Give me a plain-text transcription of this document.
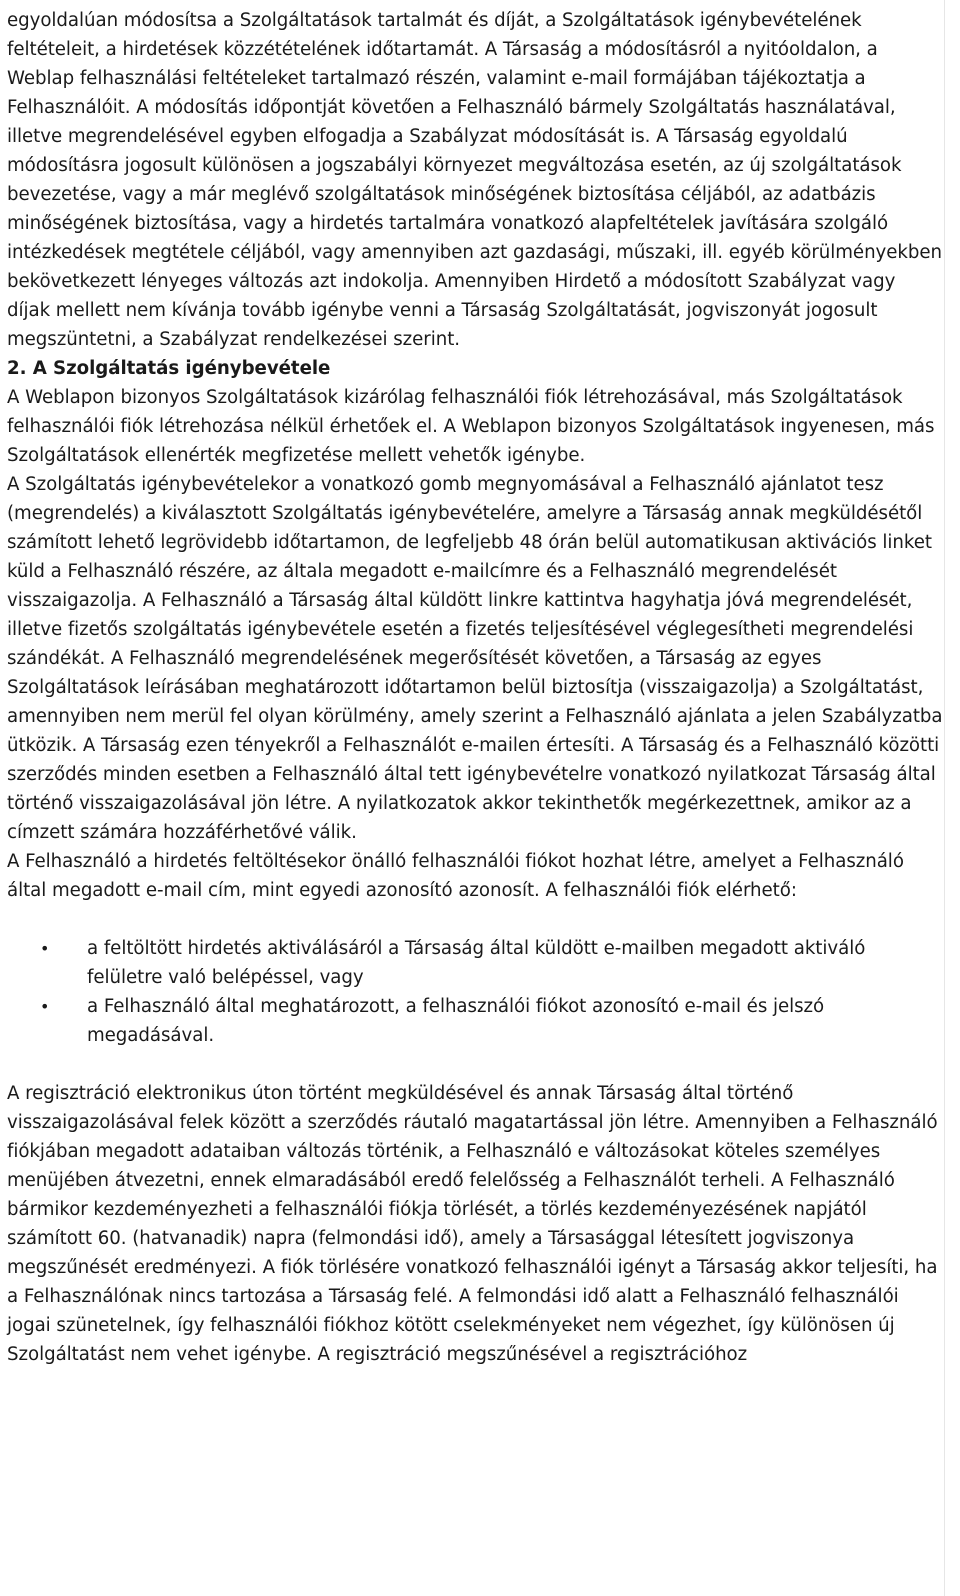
egyoldalúan módosítsa a Szolgáltatások tartalmát és díját, a Szolgáltatások igénybevételének feltételeit, a hirdetések közzétételének időtartamát. A Társaság a módosításról a nyitóoldalon, a Weblap felhasználási feltételeket tartalmazó részén, valamint e-mail formájában tájékoztatja a Felhasználóit. A módosítás időpontját követően a Felhasználó bármely Szolgáltatás használatával, illetve megrendelésével egyben elfogadja a Szabályzat módosítását is. A Társaság egyoldalú módosításra jogosult különösen a jogszabályi környezet megváltozása esetén, az új szolgáltatások bevezetése, vagy a már meglévő szolgáltatások minőségének biztosítása céljából, az adatbázis minőségének biztosítása, vagy a hirdetés tartalmára vonatkozó alapfeltételek javítására szolgáló intézkedések megtétele céljából, vagy amennyiben azt gazdasági, műszaki, ill. egyéb körülményekben bekövetkezett lényeges változás azt indokolja. Amennyiben Hirdető a módosított Szabályzat vagy díjak mellett nem kívánja tovább igénybe venni a Társaság Szolgáltatását, jogviszonyát jogosult megszüntetni, a Szabályzat rendelkezései szerint.

2. A Szolgáltatás igénybevétele

A Weblapon bizonyos Szolgáltatások kizárólag felhasználói fiók létrehozásával, más Szolgáltatások felhasználói fiók létrehozása nélkül érhetőek el. A Weblapon bizonyos Szolgáltatások ingyenesen, más Szolgáltatások ellenérték megfizetése mellett vehetők igénybe.

A Szolgáltatás igénybevételekor a vonatkozó gomb megnyomásával a Felhasználó ajánlatot tesz (megrendelés) a kiválasztott Szolgáltatás igénybevételére, amelyre a Társaság annak megküldésétől számított lehető legrövidebb időtartamon, de legfeljebb 48 órán belül automatikusan aktivációs linket küld a Felhasználó részére, az általa megadott e-mailcímre és a Felhasználó megrendelését visszaigazolja. A Felhasználó a Társaság által küldött linkre kattintva hagyhatja jóvá megrendelését, illetve fizetős szolgáltatás igénybevétele esetén a fizetés teljesítésével véglegesítheti megrendelési szándékát. A Felhasználó megrendelésének megerősítését követően, a Társaság az egyes Szolgáltatások leírásában meghatározott időtartamon belül biztosítja (visszaigazolja) a Szolgáltatást, amennyiben nem merül fel olyan körülmény, amely szerint a Felhasználó ajánlata a jelen Szabályzatba ütközik. A Társaság ezen tényekről a Felhasználót e-mailen értesíti. A Társaság és a Felhasználó közötti szerződés minden esetben a Felhasználó által tett igénybevételre vonatkozó nyilatkozat Társaság által történő visszaigazolásával jön létre. A nyilatkozatok akkor tekinthetők megérkezettnek, amikor az a címzett számára hozzáférhetővé válik.

A Felhasználó a hirdetés feltöltésekor önálló felhasználói fiókot hozhat létre, amelyet a Felhasználó által megadott e-mail cím, mint egyedi azonosító azonosít. A felhasználói fiók elérhető:

• a feltöltött hirdetés aktiválásáról a Társaság által küldött e-mailben megadott aktiváló felületre való belépéssel, vagy
• a Felhasználó által meghatározott, a felhasználói fiókot azonosító e-mail és jelszó megadásával.

A regisztráció elektronikus úton történt megküldésével és annak Társaság által történő visszaigazolásával felek között a szerződés ráutaló magatartással jön létre. Amennyiben a Felhasználó fiókjában megadott adataiban változás történik, a Felhasználó e változásokat köteles személyes menüjében átvezetni, ennek elmaradásából eredő felelősség a Felhasználót terheli. A Felhasználó bármikor kezdeményezheti a felhasználói fiókja törlését, a törlés kezdeményezésének napjától számított 60. (hatvanadik) napra (felmondási idő), amely a Társasággal létesített jogviszonya megszűnését eredményezi. A fiók törlésére vonatkozó felhasználói igényt a Társaság akkor teljesíti, ha a Felhasználónak nincs tartozása a Társaság felé. A felmondási idő alatt a Felhasználó felhasználói jogai szünetelnek, így felhasználói fiókhoz kötött cselekményeket nem végezhet, így különösen új Szolgáltatást nem vehet igénybe. A regisztráció megszűnésével a regisztrációhoz
